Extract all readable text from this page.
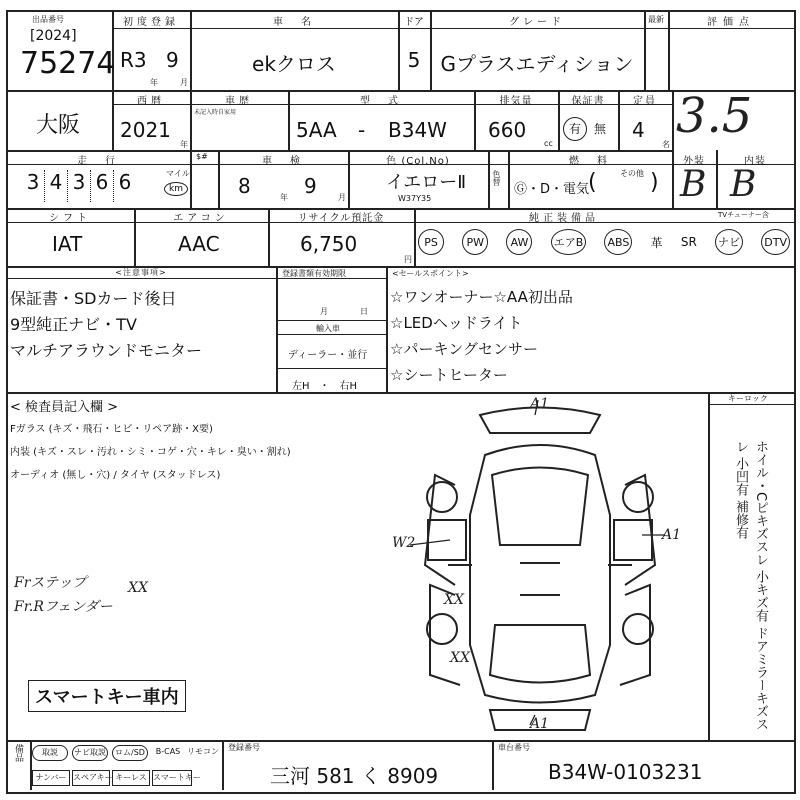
出品番号
[2024]
75274
初度登録
R3 9
年	月
車　名
ekクロス
ドア
5
グレード
Gプラスエディション
最新	評価点
3.5
大阪
西暦
2021
年
車歴
未記入時自家用
型　式
5AA - B34W
排気量
660
cc
保証書
有	無
定員
4
名
走　行
3 4 3 6 6	マイル
km
$#	車　検
8	年 9	月
色 (Col.No)
イエローⅡ
W37Y35
色替
燃　料
Ⓖ・D・電気
(	その他 )
外装
B
内装
B
シフト
IAT
エアコン
AAC
リサイクル預託金
6,750
円
純正装備品	TVチューナー含
PS	PW	AW	エアB ABS 革 SR ナビ DTV
<注意事項>
保証書・SDカード後日
9型純正ナビ・TV
マルチアラウンドモニター
登録書類有効期限
月　　　　日
輸入車
ディーラー・並行
左H　・　右H
<セールスポイント>
☆ワンオーナー☆AA初出品
☆LEDヘッドライト
☆パーキングセンサー
☆シートヒーター
キーロック
< 検査員記入欄 >
Fガラス (キズ・飛石・ヒビ・リペア跡・X要)
内装 (キズ・スレ・汚れ・シミ・コゲ・穴・キレ・臭い・割れ)
オーディオ (無し・穴) / タイヤ (スタッドレス)
Frステップ
Fr.Rフェンダー
XX
スマートキー車内	ホイル・Cピキズスレ 小キズ有 ドアミラーキズスレ 小凹有 補修有
A1
A1
W2
A1
XX
XX
備品	取説	ナビ取説	ロム/SD	B-CAS リモコン
ナンバー スペアキー キーレス スマートキー
登録番号
三河 581 く 8909
車台番号
B34W-0103231
